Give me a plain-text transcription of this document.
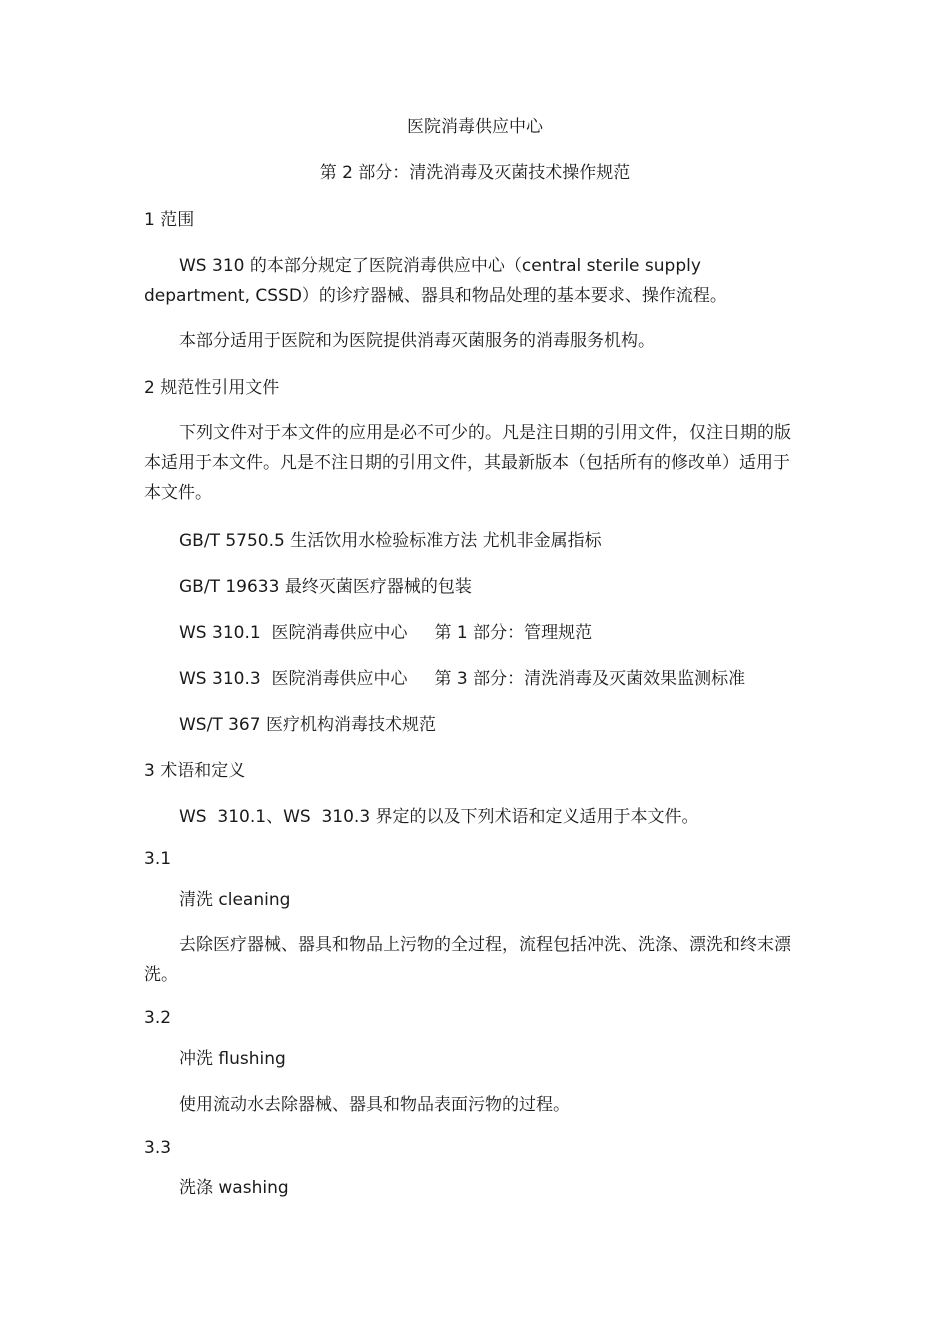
医院消毒供应中心
第 2 部分：清洗消毒及灭菌技术操作规范
1 范围
WS 310 的本部分规定了医院消毒供应中心（central sterile supply department, CSSD）的诊疗器械、器具和物品处理的基本要求、操作流程。
本部分适用于医院和为医院提供消毒灭菌服务的消毒服务机构。
2 规范性引用文件
下列文件对于本文件的应用是必不可少的。凡是注日期的引用文件，仅注日期的版本适用于本文件。凡是不注日期的引用文件，其最新版本（包括所有的修改单）适用于本文件。
GB/T 5750.5 生活饮用水检验标准方法 尤机非金属指标
GB/T 19633 最终灭菌医疗器械的包装
WS 310.1  医院消毒供应中心     第 1 部分：管理规范
WS 310.3  医院消毒供应中心     第 3 部分：清洗消毒及灭菌效果监测标准
WS/T 367 医疗机构消毒技术规范
3 术语和定义
WS  310.1、WS  310.3 界定的以及下列术语和定义适用于本文件。
3.1
清洗 cleaning
去除医疗器械、器具和物品上污物的全过程，流程包括冲洗、洗涤、漂洗和终末漂洗。
3.2
冲洗 flushing
使用流动水去除器械、器具和物品表面污物的过程。
3.3
洗涤 washing
